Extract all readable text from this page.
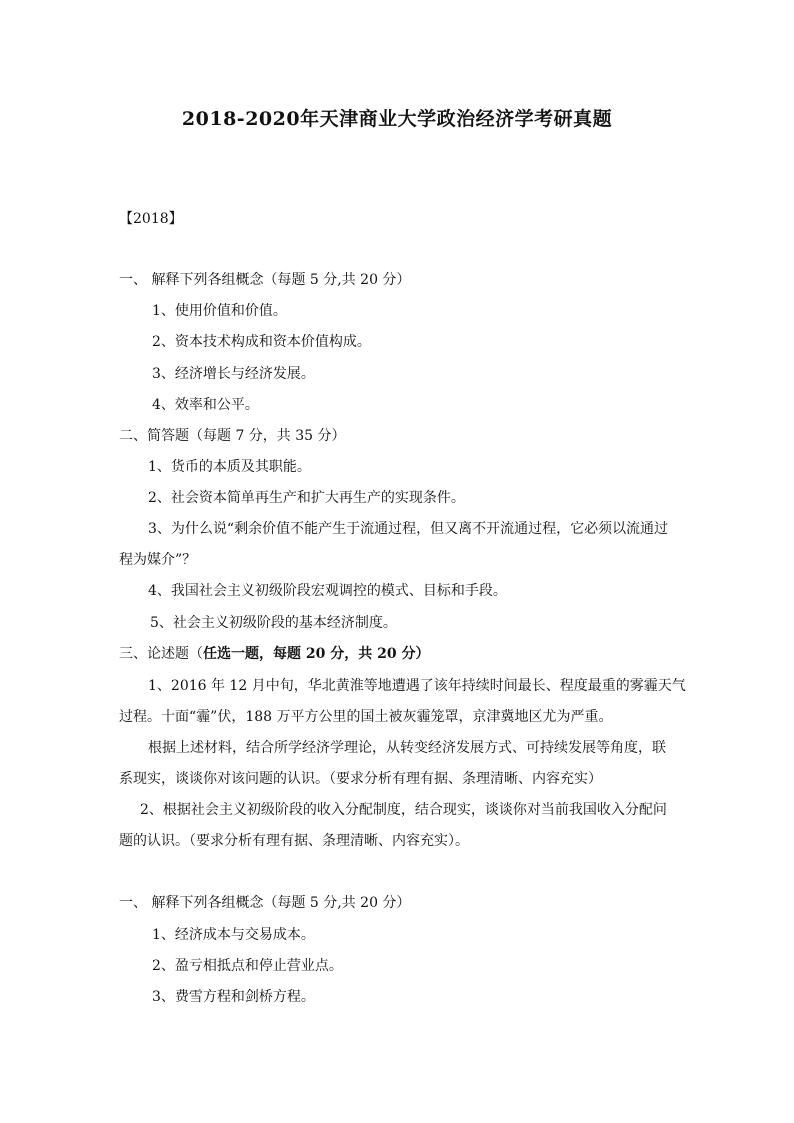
2018-2020年天津商业大学政治经济学考研真题
【2018】
一、 解释下列各组概念（每题 5 分,共 20 分）
1、使用价值和价值。
2、资本技术构成和资本价值构成。
3、经济增长与经济发展。
4、效率和公平。
二、简答题（每题 7 分，共 35 分）
1、货币的本质及其职能。
2、社会资本简单再生产和扩大再生产的实现条件。
3、为什么说“剩余价值不能产生于流通过程，但又离不开流通过程，它必须以流通过
程为媒介”？
4、我国社会主义初级阶段宏观调控的模式、目标和手段。
5、社会主义初级阶段的基本经济制度。
三、论述题（任选一题，每题 20 分，共 20 分）
1、2016 年 12 月中旬，华北黄淮等地遭遇了该年持续时间最长、程度最重的雾霾天气
过程。十面“霾”伏，188 万平方公里的国土被灰霾笼罩，京津冀地区尤为严重。
根据上述材料，结合所学经济学理论，从转变经济发展方式、可持续发展等角度，联
系现实，谈谈你对该问题的认识。（要求分析有理有据、条理清晰、内容充实）
2、根据社会主义初级阶段的收入分配制度，结合现实，谈谈你对当前我国收入分配问
题的认识。（要求分析有理有据、条理清晰、内容充实）。
一、 解释下列各组概念（每题 5 分,共 20 分）
1、经济成本与交易成本。
2、盈亏相抵点和停止营业点。
3、费雪方程和剑桥方程。
